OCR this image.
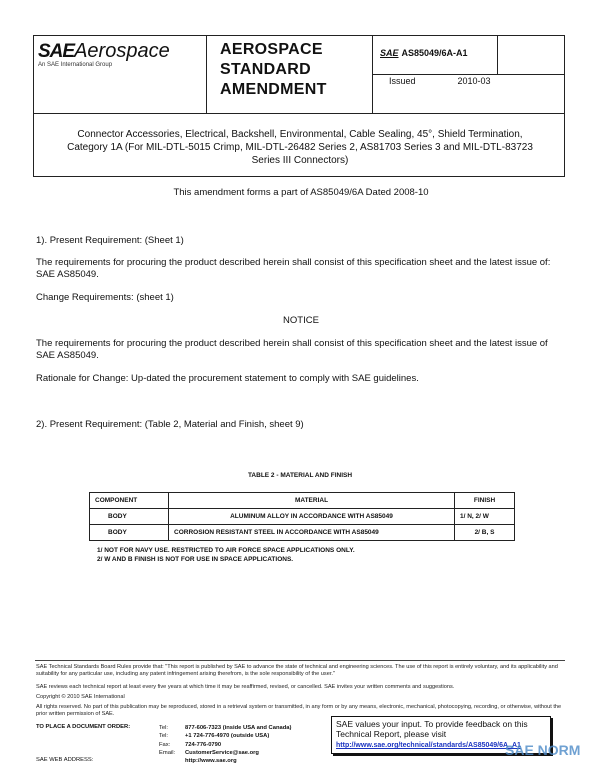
SAEAerospace
An SAE International Group
AEROSPACE
STANDARD
AMENDMENT
SAE AS85049/6A-A1
Issued	2010-03
Connector Accessories, Electrical, Backshell, Environmental, Cable Sealing, 45°, Shield Termination, Category 1A (For MIL-DTL-5015 Crimp, MIL-DTL-26482 Series 2, AS81703 Series 3 and MIL-DTL-83723 Series III Connectors)
This amendment forms a part of AS85049/6A Dated 2008-10
1). Present Requirement: (Sheet 1)
The requirements for procuring the product described herein shall consist of this specification sheet and the latest issue of: SAE AS85049.
Change Requirements: (sheet 1)
NOTICE
The requirements for procuring the product described herein shall consist of this specification sheet and the latest issue of SAE AS85049.
Rationale for Change: Up-dated the procurement statement to comply with SAE guidelines.
2). Present Requirement: (Table 2, Material and Finish, sheet 9)
TABLE 2 - MATERIAL AND FINISH
COMPONENT	MATERIAL	FINISH
BODY	ALUMINUM ALLOY IN ACCORDANCE WITH AS85049	1/ N, 2/ W
BODY	CORROSION RESISTANT STEEL IN ACCORDANCE WITH AS85049	2/ B, S
1/ NOT FOR NAVY USE. RESTRICTED TO AIR FORCE SPACE APPLICATIONS ONLY.
2/ W AND B FINISH IS NOT FOR USE IN SPACE APPLICATIONS.
SAE Technical Standards Board Rules provide that: "This report is published by SAE to advance the state of technical and engineering sciences. The use of this report is entirely voluntary, and its applicability and suitability for any particular use, including any patent infringement arising therefrom, is the sole responsibility of the user."
SAE reviews each technical report at least every five years at which time it may be reaffirmed, revised, or cancelled. SAE invites your written comments and suggestions.
Copyright © 2010 SAE International
All rights reserved. No part of this publication may be reproduced, stored in a retrieval system or transmitted, in any form or by any means, electronic, mechanical, photocopying, recording, or otherwise, without the prior written permission of SAE.
TO PLACE A DOCUMENT ORDER:
SAE WEB ADDRESS:
Tel:	877-606-7323 (inside USA and Canada)
Tel:	+1 724-776-4970 (outside USA)
Fax:	724-776-0790
Email: CustomerService@sae.org
http://www.sae.org
SAE values your input. To provide feedback on this Technical Report, please visit
http://www.sae.org/technical/standards/AS85049/6A_A1
SAE NORM
